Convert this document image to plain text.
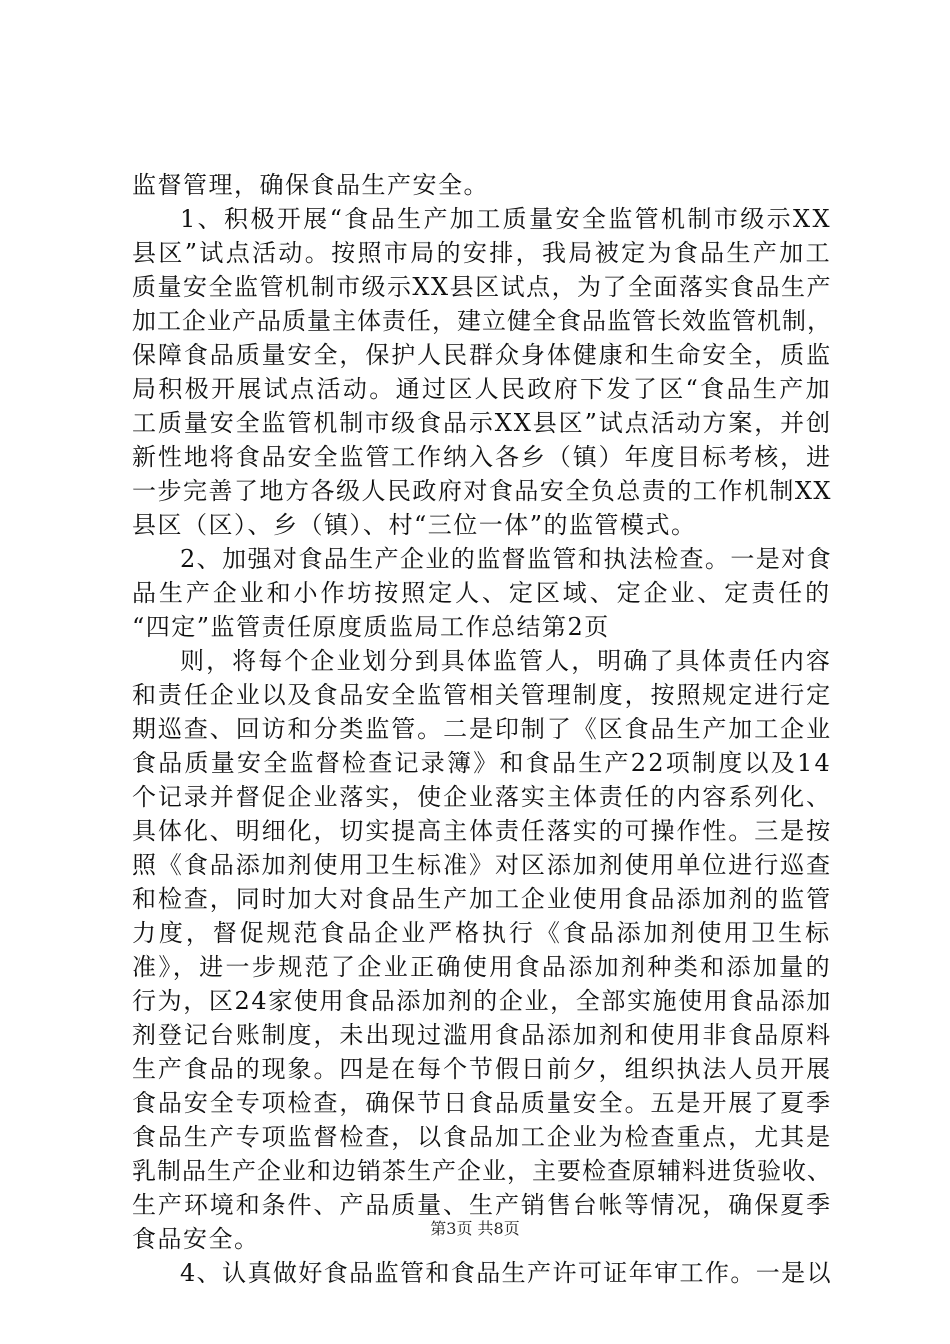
监督管理，确保食品生产安全。
1、积极开展“食品生产加工质量安全监管机制市级示XX
县区”试点活动。按照市局的安排，我局被定为食品生产加工
质量安全监管机制市级示XX县区试点，为了全面落实食品生产
加工企业产品质量主体责任，建立健全食品监管长效监管机制，
保障食品质量安全，保护人民群众身体健康和生命安全，质监
局积极开展试点活动。通过区人民政府下发了区“食品生产加
工质量安全监管机制市级食品示XX县区”试点活动方案，并创
新性地将食品安全监管工作纳入各乡（镇）年度目标考核，进
一步完善了地方各级人民政府对食品安全负总责的工作机制XX
县区（区）、乡（镇）、村“三位一体”的监管模式。
2、加强对食品生产企业的监督监管和执法检查。一是对食
品生产企业和小作坊按照定人、定区域、定企业、定责任的
“四定”监管责任原度质监局工作总结第2页
则，将每个企业划分到具体监管人，明确了具体责任内容
和责任企业以及食品安全监管相关管理制度，按照规定进行定
期巡查、回访和分类监管。二是印制了《区食品生产加工企业
食品质量安全监督检查记录簿》和食品生产22项制度以及14
个记录并督促企业落实，使企业落实主体责任的内容系列化、
具体化、明细化，切实提高主体责任落实的可操作性。三是按
照《食品添加剂使用卫生标准》对区添加剂使用单位进行巡查
和检查，同时加大对食品生产加工企业使用食品添加剂的监管
力度，督促规范食品企业严格执行《食品添加剂使用卫生标
准》，进一步规范了企业正确使用食品添加剂种类和添加量的
行为，区24家使用食品添加剂的企业，全部实施使用食品添加
剂登记台账制度，未出现过滥用食品添加剂和使用非食品原料
生产食品的现象。四是在每个节假日前夕，组织执法人员开展
食品安全专项检查，确保节日食品质量安全。五是开展了夏季
食品生产专项监督检查，以食品加工企业为检查重点，尤其是
乳制品生产企业和边销茶生产企业，主要检查原辅料进货验收、
生产环境和条件、产品质量、生产销售台帐等情况，确保夏季
食品安全。
4、认真做好食品监管和食品生产许可证年审工作。一是以
第3页 共8页
